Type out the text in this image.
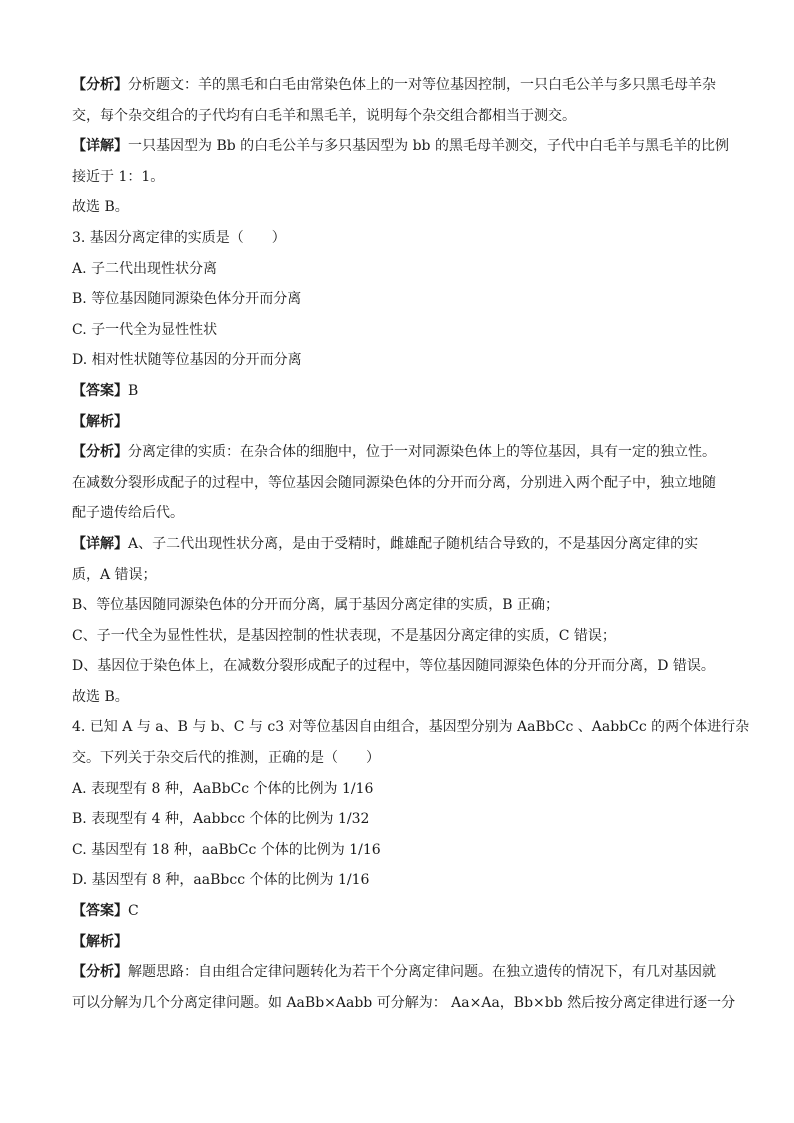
【分析】分析题文：羊的黑毛和白毛由常染色体上的一对等位基因控制，一只白毛公羊与多只黑毛母羊杂
交，每个杂交组合的子代均有白毛羊和黑毛羊，说明每个杂交组合都相当于测交。
【详解】一只基因型为 Bb 的白毛公羊与多只基因型为 bb 的黑毛母羊测交，子代中白毛羊与黑毛羊的比例
接近于 1：1。
故选 B。
3. 基因分离定律的实质是（　　）
A. 子二代出现性状分离
B. 等位基因随同源染色体分开而分离
C. 子一代全为显性性状
D. 相对性状随等位基因的分开而分离
【答案】B
【解析】
【分析】分离定律的实质：在杂合体的细胞中，位于一对同源染色体上的等位基因，具有一定的独立性。
在减数分裂形成配子的过程中，等位基因会随同源染色体的分开而分离，分别进入两个配子中，独立地随
配子遗传给后代。
【详解】A、子二代出现性状分离，是由于受精时，雌雄配子随机结合导致的，不是基因分离定律的实
质，A 错误；
B、等位基因随同源染色体的分开而分离，属于基因分离定律的实质，B 正确；
C、子一代全为显性性状，是基因控制的性状表现，不是基因分离定律的实质，C 错误；
D、基因位于染色体上，在减数分裂形成配子的过程中，等位基因随同源染色体的分开而分离，D 错误。
故选 B。
4. 已知 A 与 a、B 与 b、C 与 c3 对等位基因自由组合，基因型分别为 AaBbCc 、AabbCc 的两个体进行杂
交。下列关于杂交后代的推测，正确的是（　　）
A. 表现型有 8 种，AaBbCc 个体的比例为 1/16
B. 表现型有 4 种，Aabbcc 个体的比例为 1/32
C. 基因型有 18 种，aaBbCc 个体的比例为 1/16
D. 基因型有 8 种，aaBbcc 个体的比例为 1/16
【答案】C
【解析】
【分析】解题思路：自由组合定律问题转化为若干个分离定律问题。在独立遗传的情况下，有几对基因就
可以分解为几个分离定律问题。如 AaBb×Aabb 可分解为： Aa×Aa，Bb×bb 然后按分离定律进行逐一分
